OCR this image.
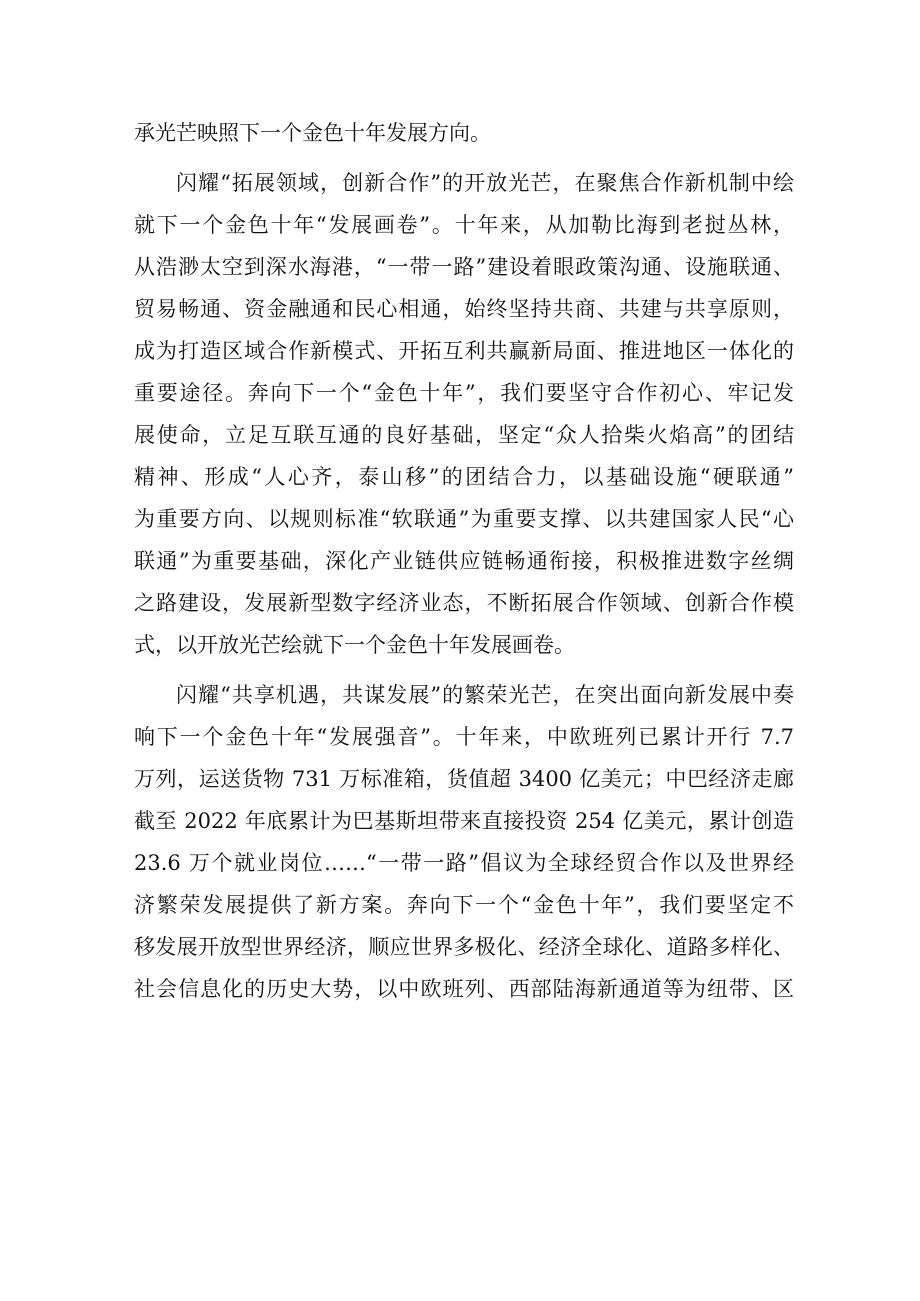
承光芒映照下一个金色十年发展方向。
闪耀“拓展领域，创新合作”的开放光芒，在聚焦合作新机制中绘
就下一个金色十年“发展画卷”。十年来，从加勒比海到老挝丛林，
从浩渺太空到深水海港，“一带一路”建设着眼政策沟通、设施联通、
贸易畅通、资金融通和民心相通，始终坚持共商、共建与共享原则，
成为打造区域合作新模式、开拓互利共赢新局面、推进地区一体化的
重要途径。奔向下一个“金色十年”，我们要坚守合作初心、牢记发
展使命，立足互联互通的良好基础，坚定“众人拾柴火焰高”的团结
精神、形成“人心齐，泰山移”的团结合力，以基础设施“硬联通”
为重要方向、以规则标准“软联通”为重要支撑、以共建国家人民“心
联通”为重要基础，深化产业链供应链畅通衔接，积极推进数字丝绸
之路建设，发展新型数字经济业态，不断拓展合作领域、创新合作模
式，以开放光芒绘就下一个金色十年发展画卷。
闪耀“共享机遇，共谋发展”的繁荣光芒，在突出面向新发展中奏
响下一个金色十年“发展强音”。十年来，中欧班列已累计开行 7.7
万列，运送货物 731 万标准箱，货值超 3400 亿美元；中巴经济走廊
截至 2022 年底累计为巴基斯坦带来直接投资 254 亿美元，累计创造
23.6 万个就业岗位……“一带一路”倡议为全球经贸合作以及世界经
济繁荣发展提供了新方案。奔向下一个“金色十年”，我们要坚定不
移发展开放型世界经济，顺应世界多极化、经济全球化、道路多样化、
社会信息化的历史大势，以中欧班列、西部陆海新通道等为纽带、区
